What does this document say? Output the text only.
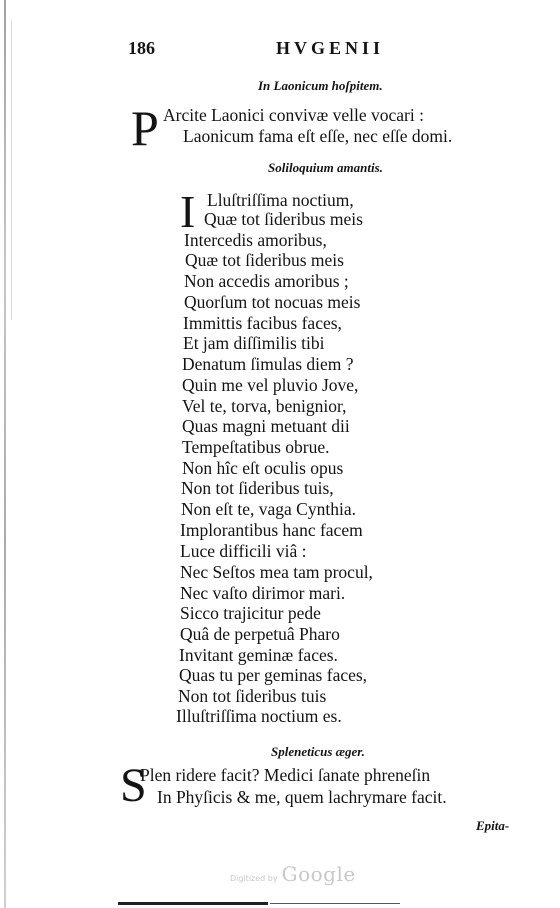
186	HVGENII
In Laonicum hoſpitem.
P Arcite Laonici convivæ velle vocari :
Laonicum fama eſt eſſe, nec eſſe domi.
Soliloquium amantis.
I Lluſtriſſima noctium,
Quæ tot ſideribus meis
Intercedis amoribus,
Quæ tot ſideribus meis
Non accedis amoribus ;
Quorſum tot nocuas meis
Immittis facibus faces,
Et jam diſſimilis tibi
Denatum ſimulas diem ?
Quin me vel pluvio Jove,
Vel te, torva, benignior,
Quas magni metuant dii
Tempeſtatibus obrue.
Non hîc eſt oculis opus
Non tot ſideribus tuis,
Non eſt te, vaga Cynthia.
Implorantibus hanc facem
Luce difficili viâ :
Nec Seſtos mea tam procul,
Nec vaſto dirimor mari.
Sicco trajicitur pede
Quâ de perpetuâ Pharo
Invitant geminæ faces.
Quas tu per geminas faces,
Non tot ſideribus tuis
Illuſtriſſima noctium es.
Spleneticus æger.
S
Plen ridere facit? Medici ſanate phreneſin
In Phyſicis & me, quem lachrymare facit.
Epita-
Digitized by Google
